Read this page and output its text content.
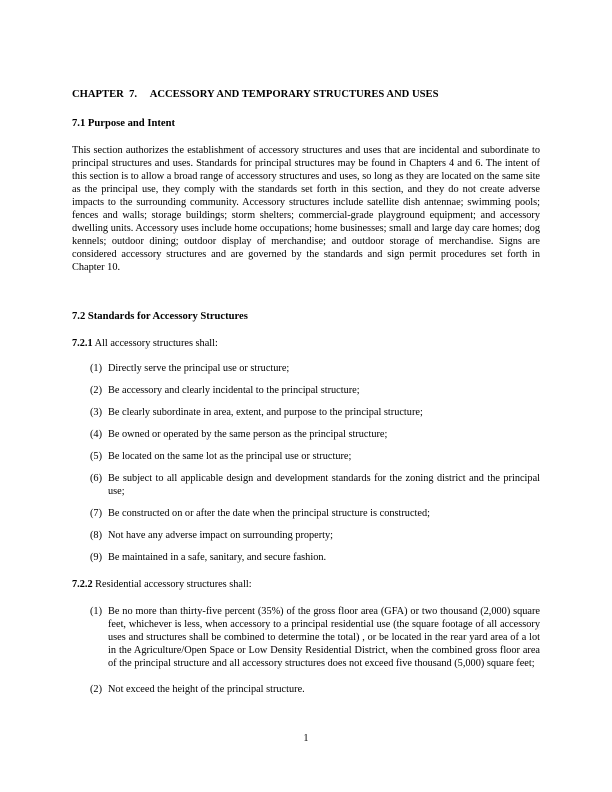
CHAPTER  7.     ACCESSORY AND TEMPORARY STRUCTURES AND USES
7.1 Purpose and Intent
This section authorizes the establishment of accessory structures and uses that are incidental and subordinate to principal structures and uses. Standards for principal structures may be found in Chapters 4 and 6. The intent of this section is to allow a broad range of accessory structures and uses, so long as they are located on the same site as the principal use, they comply with the standards set forth in this section, and they do not create adverse impacts to the surrounding community. Accessory structures include satellite dish antennae; swimming pools; fences and walls; storage buildings; storm shelters; commercial-grade playground equipment; and accessory dwelling units. Accessory uses include home occupations; home businesses; small and large day care homes; dog kennels; outdoor dining; outdoor display of merchandise; and outdoor storage of merchandise. Signs are considered accessory structures and are governed by the standards and sign permit procedures set forth in Chapter 10.
7.2 Standards for Accessory Structures
7.2.1 All accessory structures shall:
(1) Directly serve the principal use or structure;
(2) Be accessory and clearly incidental to the principal structure;
(3) Be clearly subordinate in area, extent, and purpose to the principal structure;
(4) Be owned or operated by the same person as the principal structure;
(5) Be located on the same lot as the principal use or structure;
(6) Be subject to all applicable design and development standards for the zoning district and the principal use;
(7) Be constructed on or after the date when the principal structure is constructed;
(8) Not have any adverse impact on surrounding property;
(9) Be maintained in a safe, sanitary, and secure fashion.
7.2.2 Residential accessory structures shall:
(1) Be no more than thirty-five percent (35%) of the gross floor area (GFA) or two thousand (2,000) square feet, whichever is less, when accessory to a principal residential use (the square footage of all accessory uses and structures shall be combined to determine the total) , or be located in the rear yard area of a lot in the Agriculture/Open Space or Low Density Residential District, when the combined gross floor area of the principal structure and all accessory structures does not exceed five thousand (5,000) square feet;
(2) Not exceed the height of the principal structure.
1
